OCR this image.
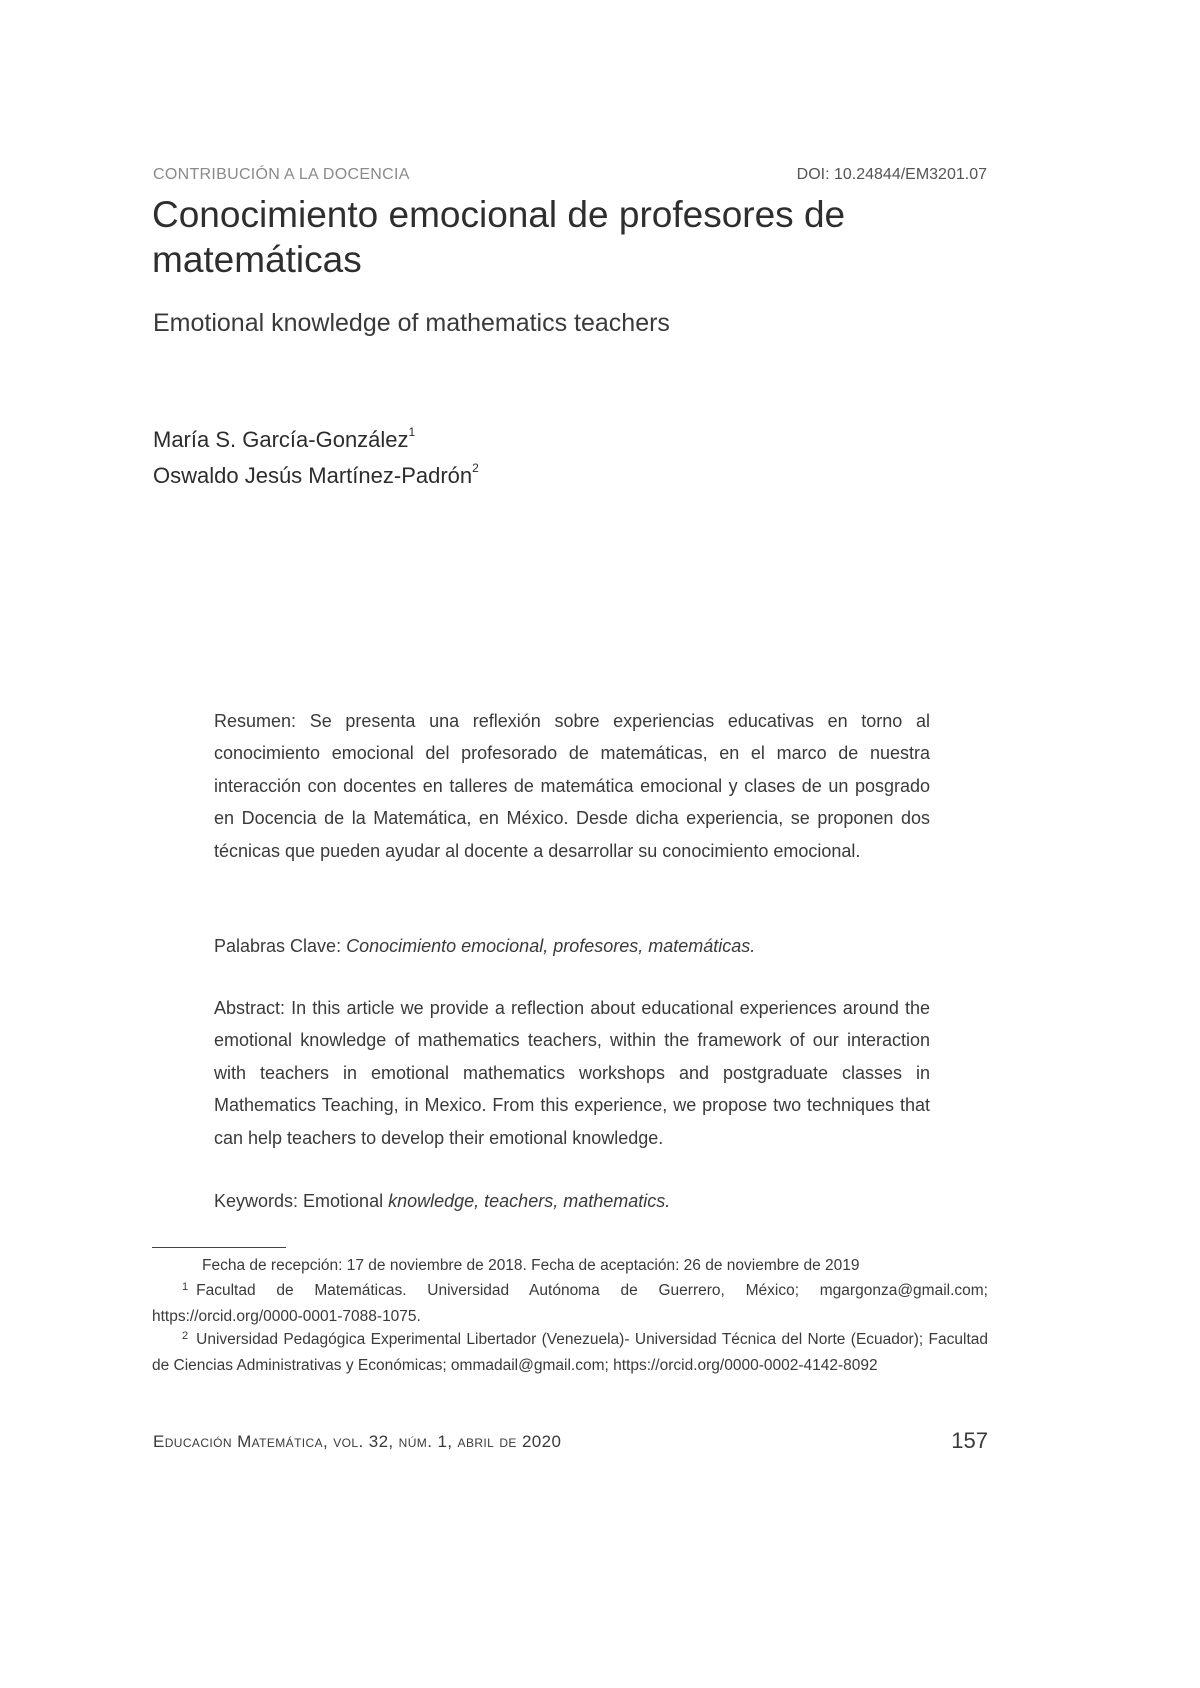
CONTRIBUCIÓN A LA DOCENCIA	DOI: 10.24844/EM3201.07
Conocimiento emocional de profesores de matemáticas
Emotional knowledge of mathematics teachers
María S. García-González$^1$
Oswaldo Jesús Martínez-Padrón$^2$

Resumen: Se presenta una reflexión sobre experiencias educativas en torno al conocimiento emocional del profesorado de matemáticas, en el marco de nuestra interacción con docentes en talleres de matemática emocional y clases de un posgrado en Docencia de la Matemática, en México. Desde dicha experiencia, se proponen dos técnicas que pueden ayudar al docente a desarrollar su conocimiento emocional.

Palabras Clave: Conocimiento emocional, profesores, matemáticas.

Abstract: In this article we provide a reflection about educational experiences around the emotional knowledge of mathematics teachers, within the framework of our interaction with teachers in emotional mathematics workshops and postgraduate classes in Mathematics Teaching, in Mexico. From this experience, we propose two techniques that can help teachers to develop their emotional knowledge.

Keywords: Emotional knowledge, teachers, mathematics.

Fecha de recepción: 17 de noviembre de 2018. Fecha de aceptación: 26 de noviembre de 2019

$^1$ Facultad de Matemáticas. Universidad Autónoma de Guerrero, México; mgargonza@gmail.com; https://orcid.org/0000-0001-7088-1075.

$^2$ Universidad Pedagógica Experimental Libertador (Venezuela)- Universidad Técnica del Norte (Ecuador); Facultad de Ciencias Administrativas y Económicas; ommadail@gmail.com; https://orcid.org/0000-0002-4142-8092

Educación Matemática, vol. 32, núm. 1, abril de 2020	157
